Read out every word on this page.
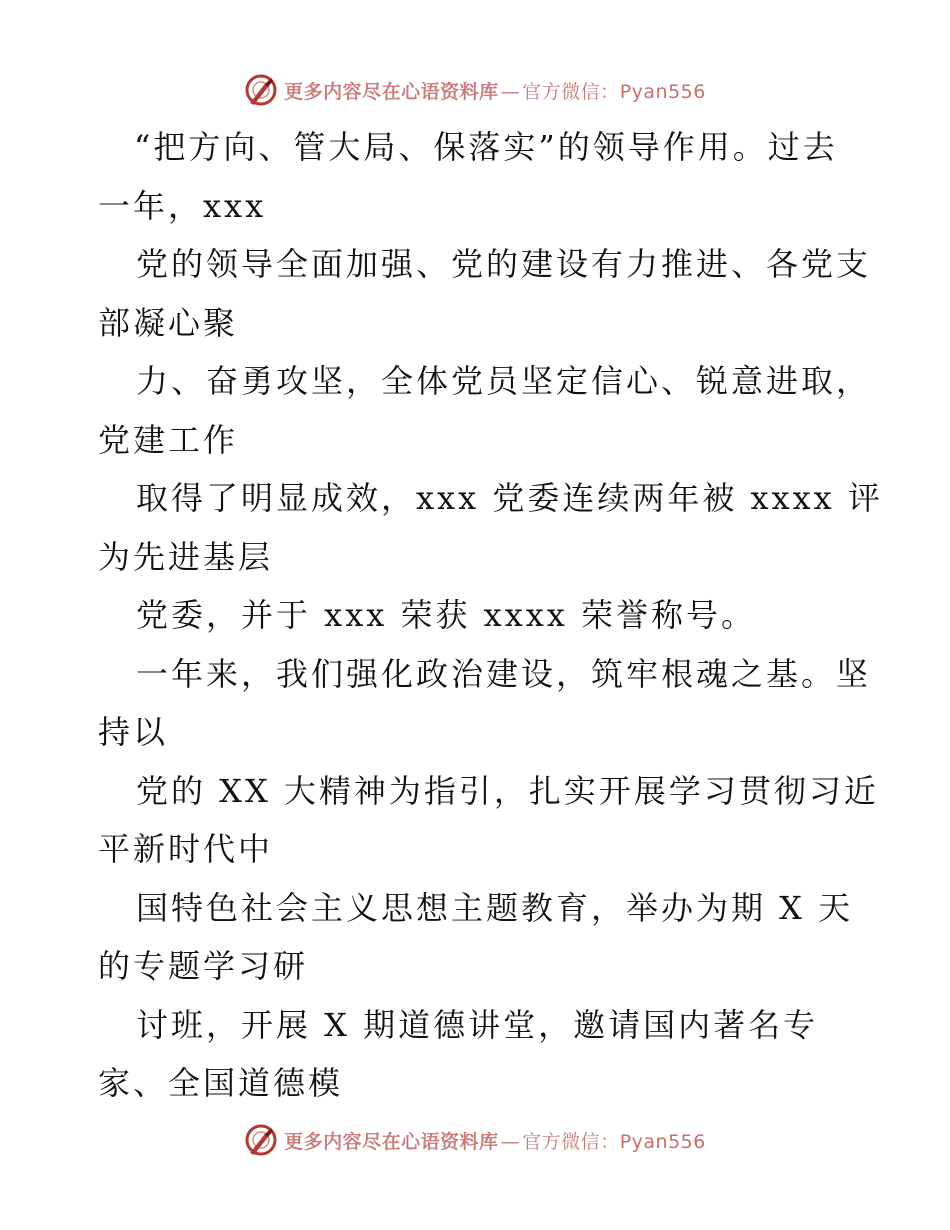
更多内容尽在心语资料库 — 官方微信：Pyan556
“把方向、管大局、保落实”的领导作用。过去
一年，xxx
党的领导全面加强、党的建设有力推进、各党支
部凝心聚
力、奋勇攻坚，全体党员坚定信心、锐意进取，
党建工作
取得了明显成效，xxx 党委连续两年被 xxxx 评
为先进基层
党委，并于 xxx 荣获 xxxx 荣誉称号。
一年来，我们强化政治建设，筑牢根魂之基。坚
持以
党的 XX 大精神为指引，扎实开展学习贯彻习近
平新时代中
国特色社会主义思想主题教育，举办为期 X 天
的专题学习研
讨班，开展 X 期道德讲堂，邀请国内著名专
家、全国道德模
更多内容尽在心语资料库 — 官方微信：Pyan556
